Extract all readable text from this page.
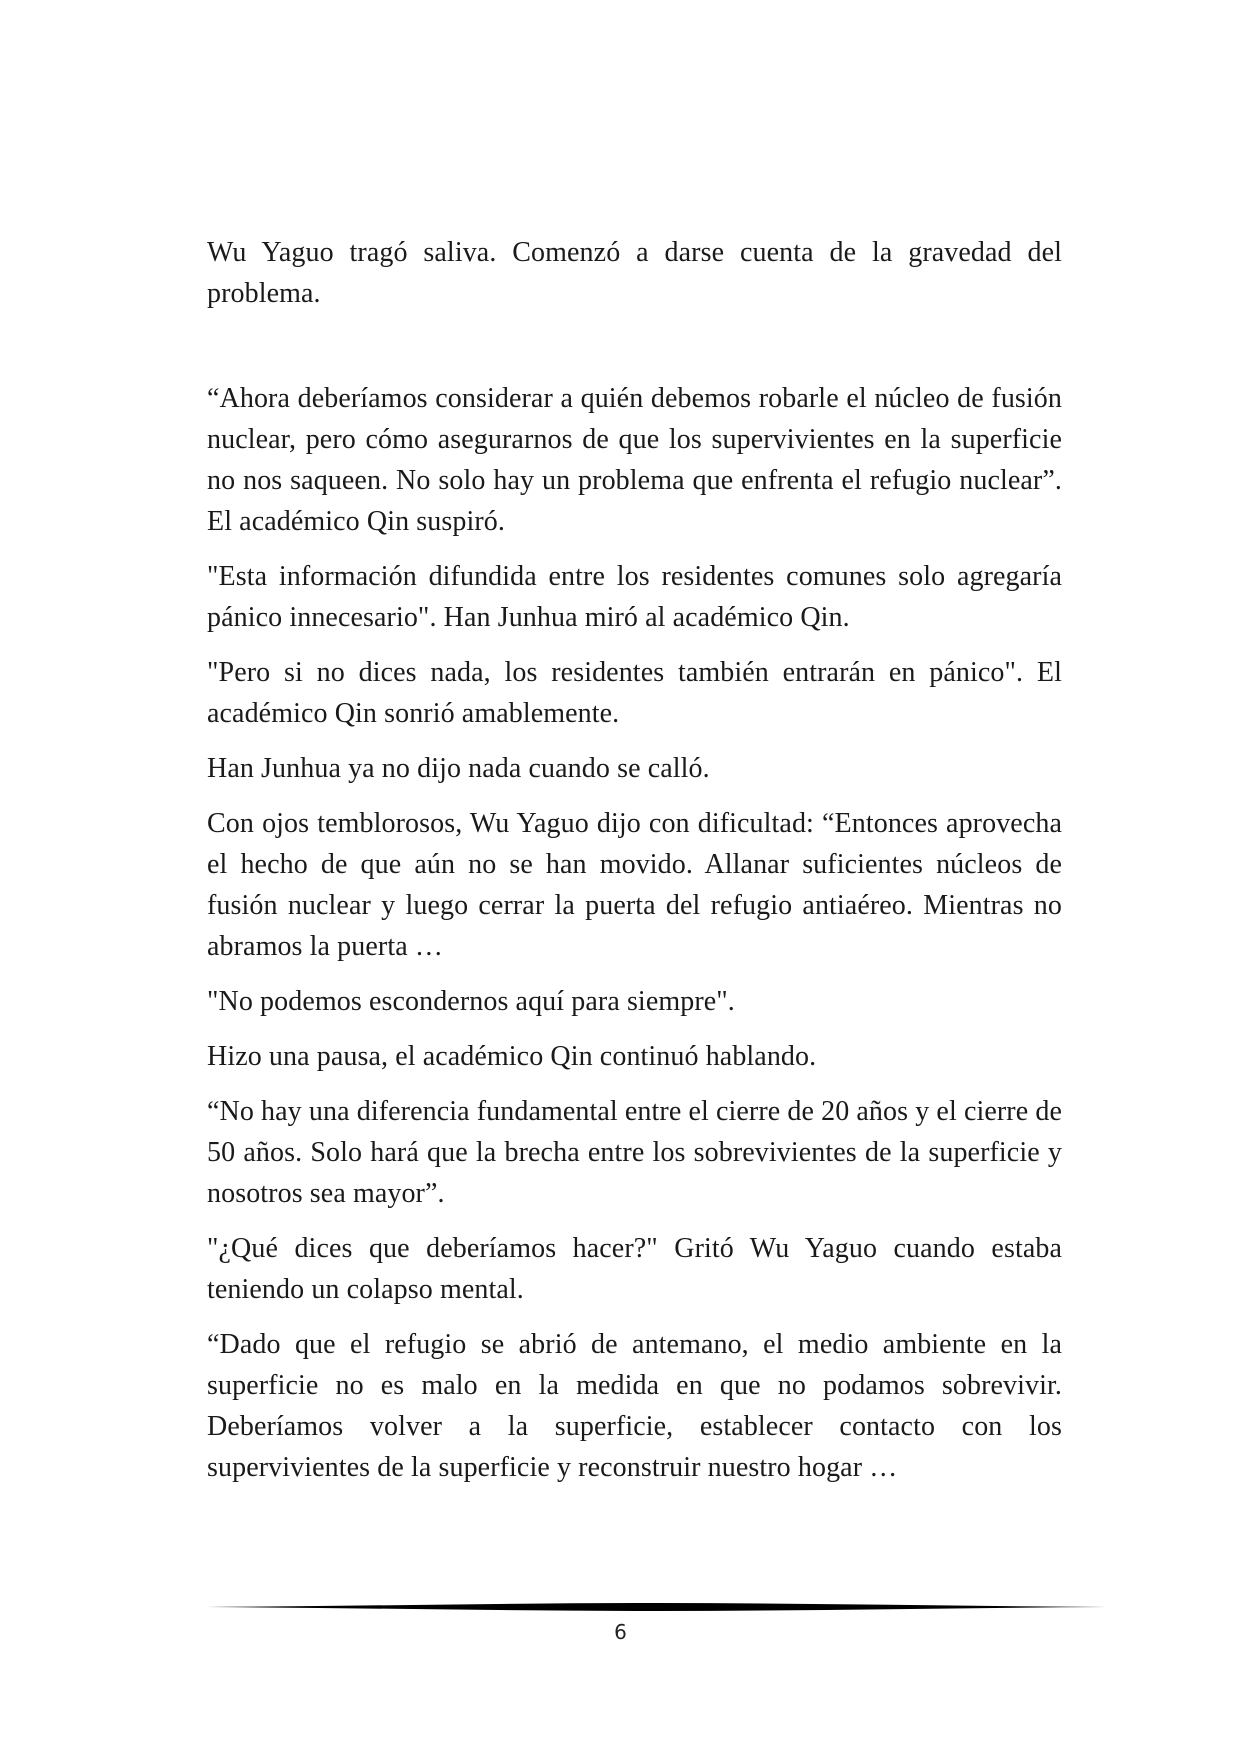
Wu Yaguo tragó saliva. Comenzó a darse cuenta de la gravedad del problema.

“Ahora deberíamos considerar a quién debemos robarle el núcleo de fusión nuclear, pero cómo asegurarnos de que los supervivientes en la superficie no nos saqueen. No solo hay un problema que enfrenta el refugio nuclear”. El académico Qin suspiró.

"Esta información difundida entre los residentes comunes solo agregaría pánico innecesario". Han Junhua miró al académico Qin.

"Pero si no dices nada, los residentes también entrarán en pánico". El académico Qin sonrió amablemente.

Han Junhua ya no dijo nada cuando se calló.

Con ojos temblorosos, Wu Yaguo dijo con dificultad: “Entonces aprovecha el hecho de que aún no se han movido. Allanar suficientes núcleos de fusión nuclear y luego cerrar la puerta del refugio antiaéreo. Mientras no abramos la puerta …

"No podemos escondernos aquí para siempre".

Hizo una pausa, el académico Qin continuó hablando.

“No hay una diferencia fundamental entre el cierre de 20 años y el cierre de 50 años. Solo hará que la brecha entre los sobrevivientes de la superficie y nosotros sea mayor”.

"¿Qué dices que deberíamos hacer?" Gritó Wu Yaguo cuando estaba teniendo un colapso mental.

“Dado que el refugio se abrió de antemano, el medio ambiente en la superficie no es malo en la medida en que no podamos sobrevivir. Deberíamos volver a la superficie, establecer contacto con los supervivientes de la superficie y reconstruir nuestro hogar …

6
